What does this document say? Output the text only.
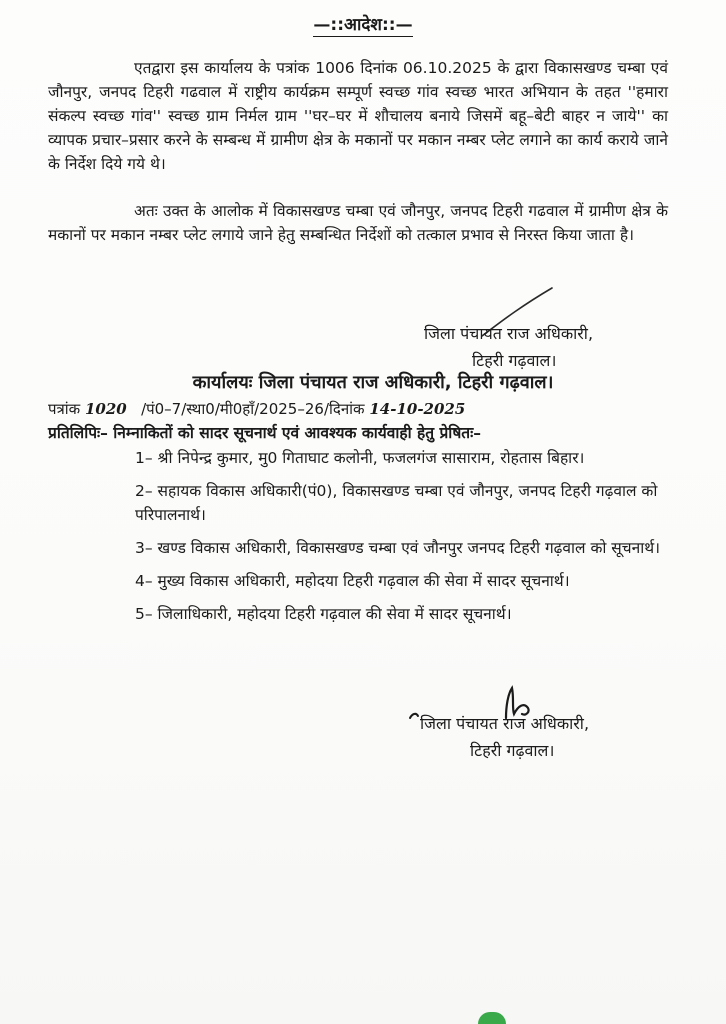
—::आदेश::—
एतद्वारा इस कार्यालय के पत्रांक 1006 दिनांक 06.10.2025 के द्वारा विकासखण्ड चम्बा एवं जौनपुर, जनपद टिहरी गढवाल में राष्ट्रीय कार्यक्रम सम्पूर्ण स्वच्छ गांव स्वच्छ भारत अभियान के तहत ''हमारा संकल्प स्वच्छ गांव'' स्वच्छ ग्राम निर्मल ग्राम ''घर–घर में शौचालय बनाये जिसमें बहू–बेटी बाहर न जाये'' का व्यापक प्रचार–प्रसार करने के सम्बन्ध में ग्रामीण क्षेत्र के मकानों पर मकान नम्बर प्लेट लगाने का कार्य कराये जाने के निर्देश दिये गये थे।
अतः उक्त के आलोक में विकासखण्ड चम्बा एवं जौनपुर, जनपद टिहरी गढवाल में ग्रामीण क्षेत्र के मकानों पर मकान नम्बर प्लेट लगाये जाने हेतु सम्बन्धित निर्देशों को तत्काल प्रभाव से निरस्त किया जाता है।
जिला पंचायत राज अधिकारी,
टिहरी गढ़वाल।
कार्यालयः जिला पंचायत राज अधिकारी, टिहरी गढ़वाल।
पत्रांक 1020 /पं0–7/स्था0/मी0हाँ/2025–26/दिनांक 14-10-2025
प्रतिलिपिः– निम्नाकितों को सादर सूचनार्थ एवं आवश्यक कार्यवाही हेतु प्रेषितः–
1– श्री निपेन्द्र कुमार, मु0 गिताघाट कलोनी, फजलगंज सासाराम, रोहतास बिहार।
2– सहायक विकास अधिकारी(पं0), विकासखण्ड चम्बा एवं जौनपुर, जनपद टिहरी गढ़वाल को परिपालनार्थ।
3– खण्ड विकास अधिकारी, विकासखण्ड चम्बा एवं जौनपुर जनपद टिहरी गढ़वाल को सूचनार्थ।
4– मुख्य विकास अधिकारी, महोदया टिहरी गढ़वाल की सेवा में सादर सूचनार्थ।
5– जिलाधिकारी, महोदया टिहरी गढ़वाल की सेवा में सादर सूचनार्थ।
जिला पंचायत राज अधिकारी,
टिहरी गढ़वाल।
